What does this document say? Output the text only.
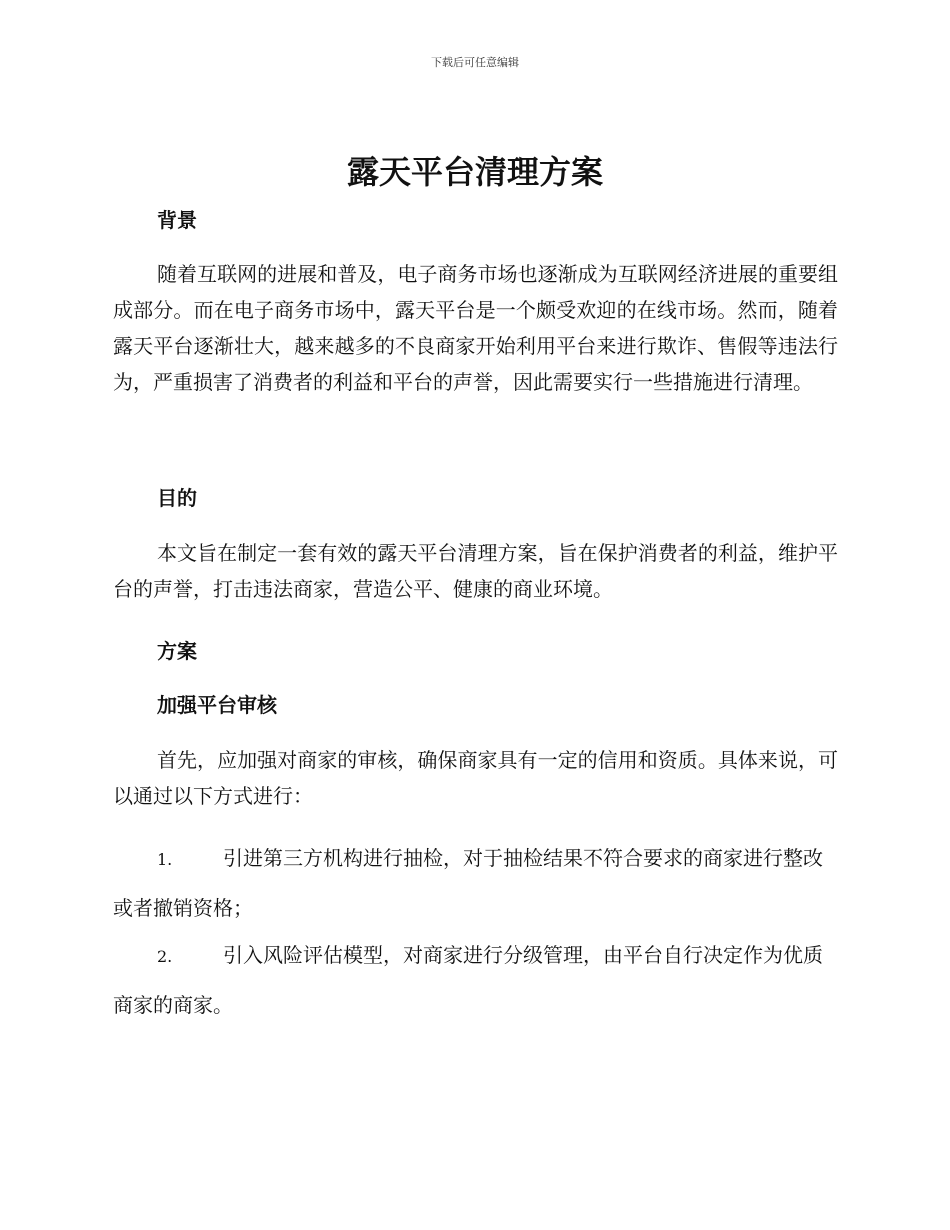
下载后可任意编辑
露天平台清理方案
背景

随着互联网的进展和普及，电子商务市场也逐渐成为互联网经济进展的重要组成部分。而在电子商务市场中，露天平台是一个颇受欢迎的在线市场。然而，随着露天平台逐渐壮大，越来越多的不良商家开始利用平台来进行欺诈、售假等违法行为，严重损害了消费者的利益和平台的声誉，因此需要实行一些措施进行清理。

目的

本文旨在制定一套有效的露天平台清理方案，旨在保护消费者的利益，维护平台的声誉，打击违法商家，营造公平、健康的商业环境。

方案
加强平台审核

首先，应加强对商家的审核，确保商家具有一定的信用和资质。具体来说，可以通过以下方式进行：

1.	引进第三方机构进行抽检，对于抽检结果不符合要求的商家进行整改或者撤销资格；

2.	引入风险评估模型，对商家进行分级管理，由平台自行决定作为优质商家的商家。
